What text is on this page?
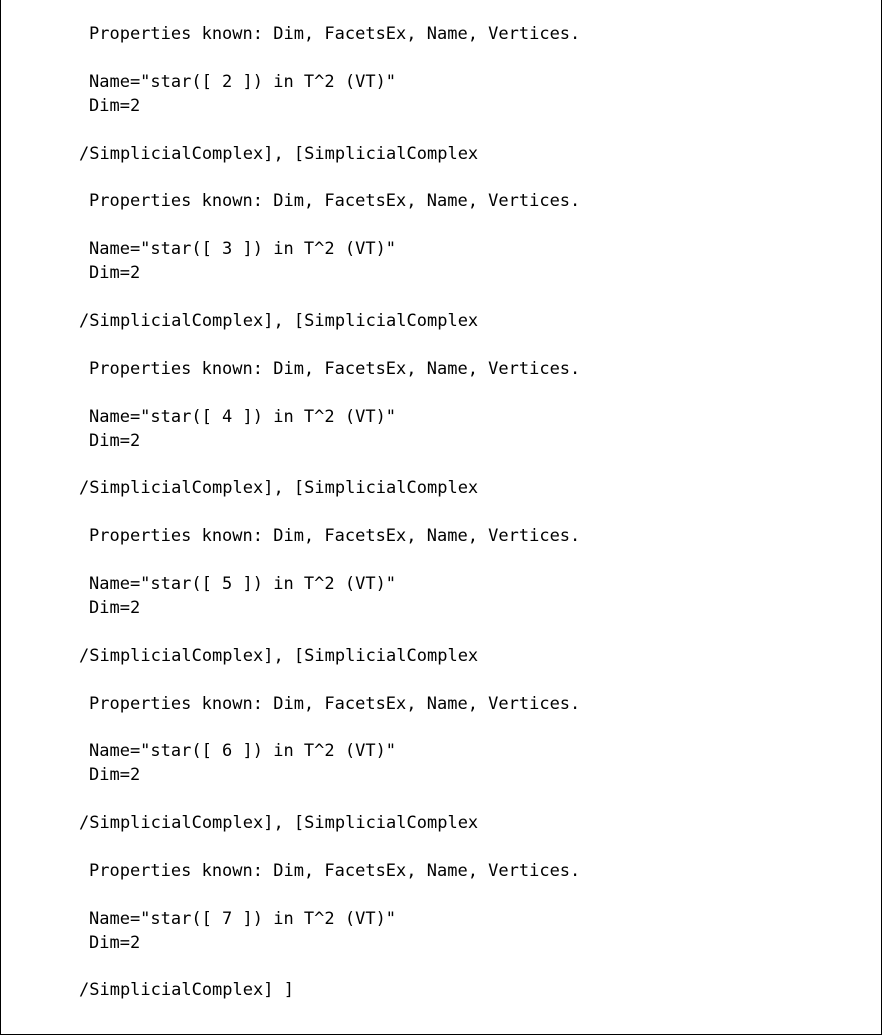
Properties known: Dim, FacetsEx, Name, Vertices.
Name="star([ 2 ]) in T^2 (VT)"
Dim=2
/SimplicialComplex], [SimplicialComplex
Properties known: Dim, FacetsEx, Name, Vertices.
Name="star([ 3 ]) in T^2 (VT)"
Dim=2
/SimplicialComplex], [SimplicialComplex
Properties known: Dim, FacetsEx, Name, Vertices.
Name="star([ 4 ]) in T^2 (VT)"
Dim=2
/SimplicialComplex], [SimplicialComplex
Properties known: Dim, FacetsEx, Name, Vertices.
Name="star([ 5 ]) in T^2 (VT)"
Dim=2
/SimplicialComplex], [SimplicialComplex
Properties known: Dim, FacetsEx, Name, Vertices.
Name="star([ 6 ]) in T^2 (VT)"
Dim=2
/SimplicialComplex], [SimplicialComplex
Properties known: Dim, FacetsEx, Name, Vertices.
Name="star([ 7 ]) in T^2 (VT)"
Dim=2
/SimplicialComplex] ]
